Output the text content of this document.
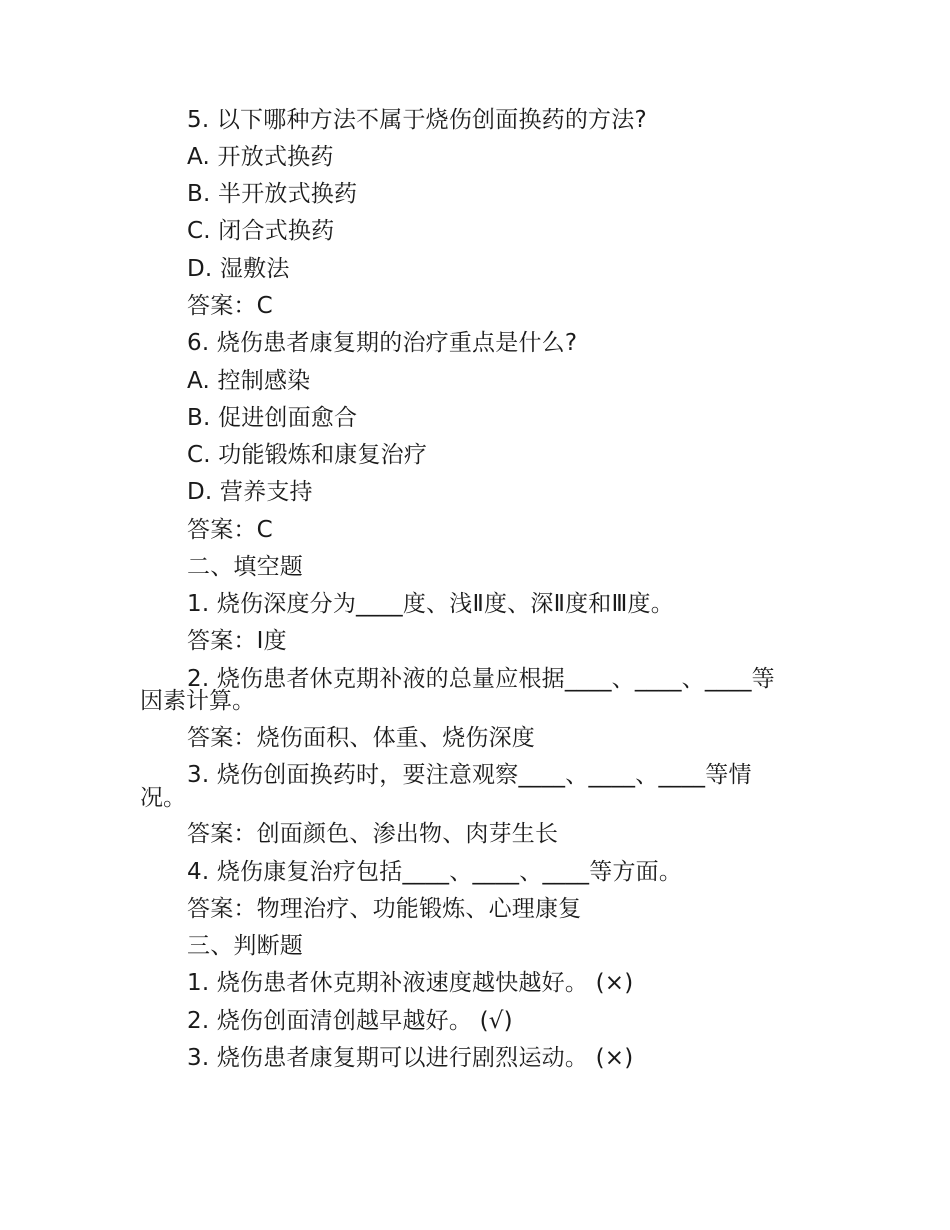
5. 以下哪种方法不属于烧伤创面换药的方法?
A. 开放式换药
B. 半开放式换药
C. 闭合式换药
D. 湿敷法
答案：C
6. 烧伤患者康复期的治疗重点是什么?
A. 控制感染
B. 促进创面愈合
C. 功能锻炼和康复治疗
D. 营养支持
答案：C
二、填空题
1. 烧伤深度分为____度、浅Ⅱ度、深Ⅱ度和Ⅲ度。
答案：Ⅰ度
2. 烧伤患者休克期补液的总量应根据____、____、____等
因素计算。
答案：烧伤面积、体重、烧伤深度
3. 烧伤创面换药时，要注意观察____、____、____等情
况。
答案：创面颜色、渗出物、肉芽生长
4. 烧伤康复治疗包括____、____、____等方面。
答案：物理治疗、功能锻炼、心理康复
三、判断题
1. 烧伤患者休克期补液速度越快越好。 (×)
2. 烧伤创面清创越早越好。 (√)
3. 烧伤患者康复期可以进行剧烈运动。 (×)
